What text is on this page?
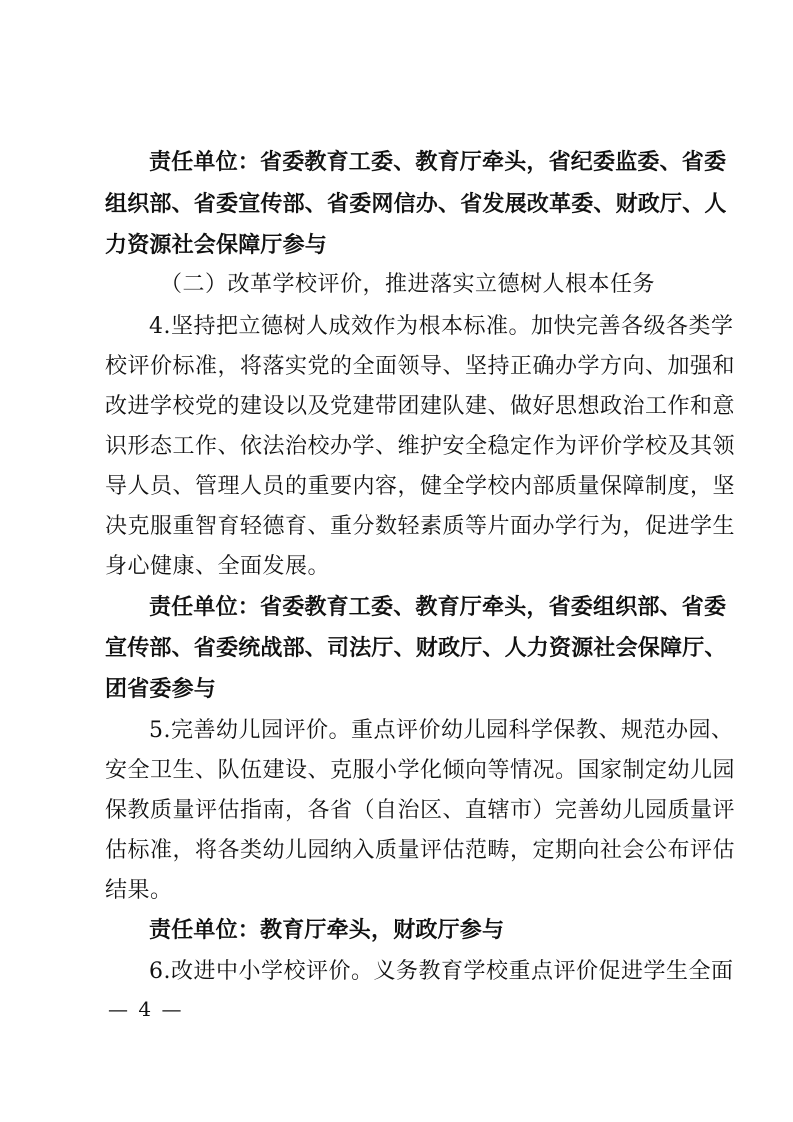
责任单位：省委教育工委、教育厅牵头，省纪委监委、省委
组织部、省委宣传部、省委网信办、省发展改革委、财政厅、人
力资源社会保障厅参与
（二）改革学校评价，推进落实立德树人根本任务
4.坚持把立德树人成效作为根本标准。加快完善各级各类学
校评价标准，将落实党的全面领导、坚持正确办学方向、加强和
改进学校党的建设以及党建带团建队建、做好思想政治工作和意
识形态工作、依法治校办学、维护安全稳定作为评价学校及其领
导人员、管理人员的重要内容，健全学校内部质量保障制度，坚
决克服重智育轻德育、重分数轻素质等片面办学行为，促进学生
身心健康、全面发展。
责任单位：省委教育工委、教育厅牵头，省委组织部、省委
宣传部、省委统战部、司法厅、财政厅、人力资源社会保障厅、
团省委参与
5.完善幼儿园评价。重点评价幼儿园科学保教、规范办园、
安全卫生、队伍建设、克服小学化倾向等情况。国家制定幼儿园
保教质量评估指南，各省（自治区、直辖市）完善幼儿园质量评
估标准，将各类幼儿园纳入质量评估范畴，定期向社会公布评估
结果。
责任单位：教育厅牵头，财政厅参与
6.改进中小学校评价。义务教育学校重点评价促进学生全面
— 4 —
